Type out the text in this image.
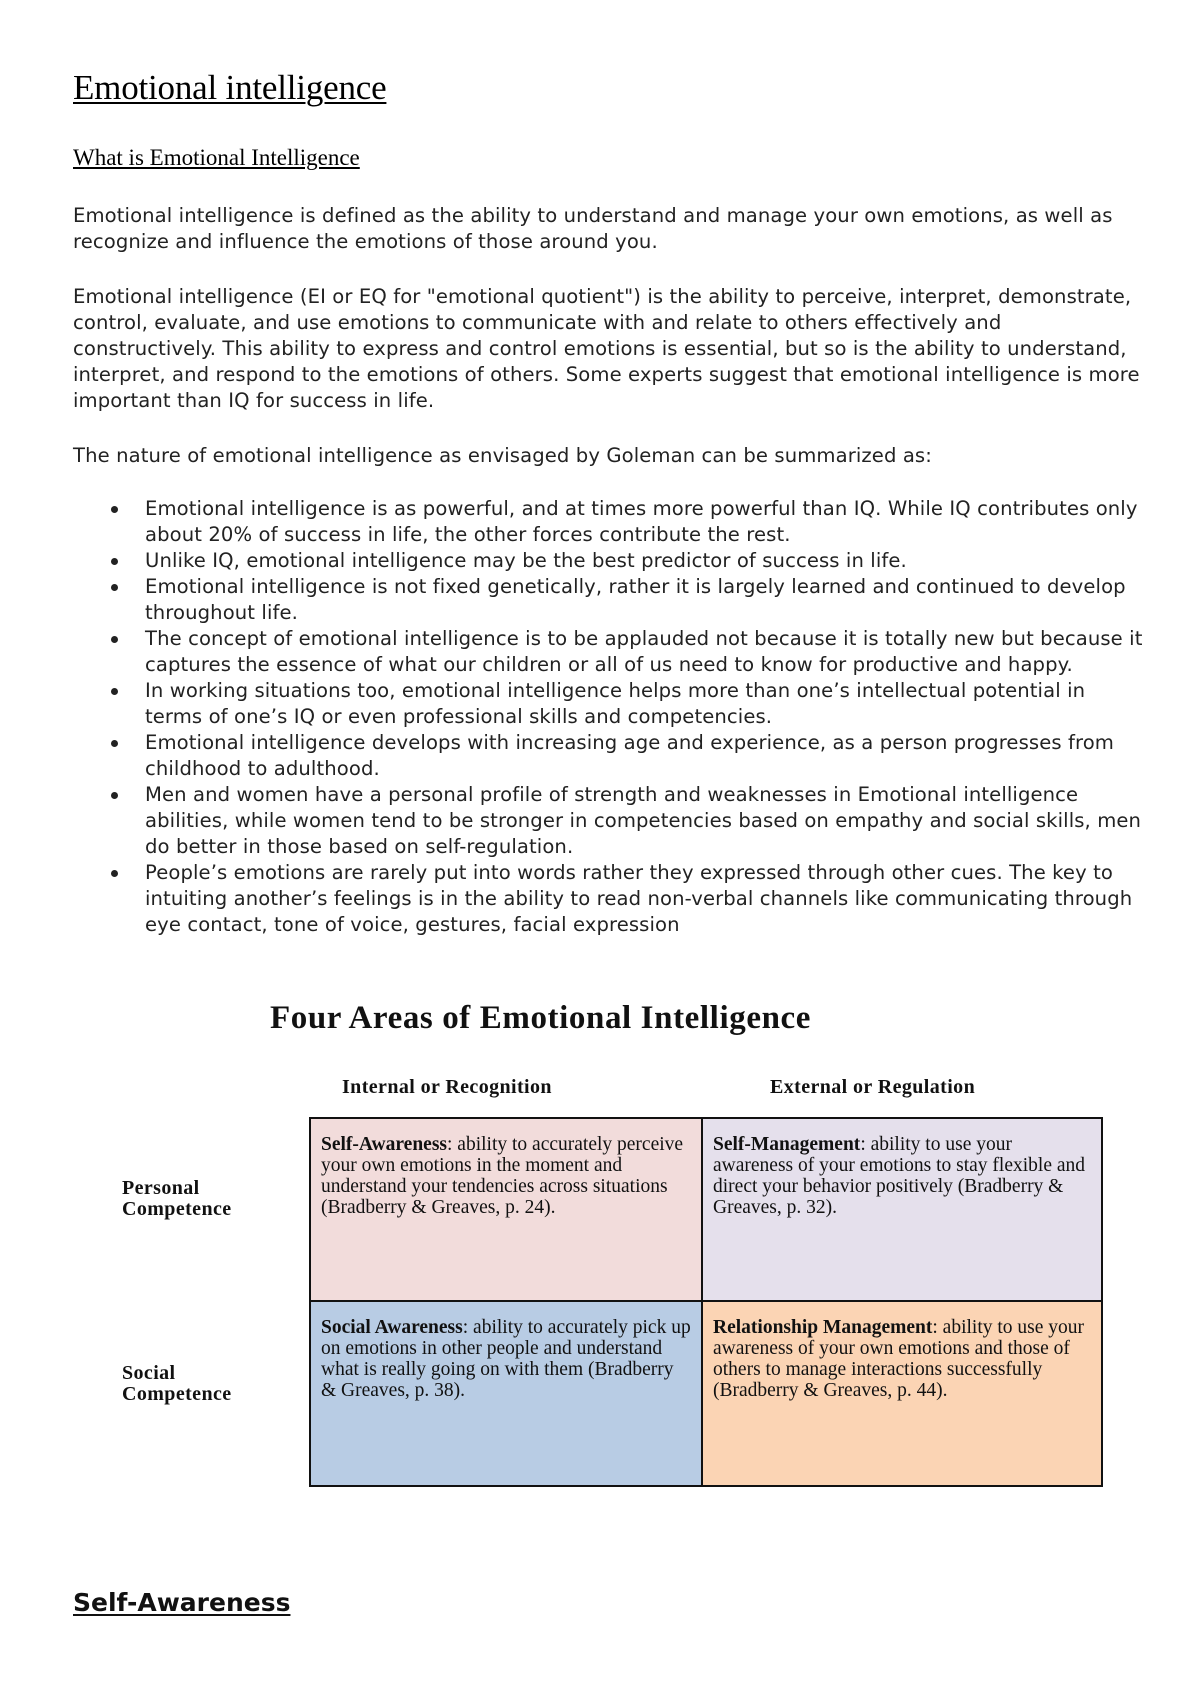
Emotional intelligence
What is Emotional Intelligence

Emotional intelligence is defined as the ability to understand and manage your own emotions, as well as recognize and influence the emotions of those around you.

Emotional intelligence (EI or EQ for "emotional quotient") is the ability to perceive, interpret, demonstrate, control, evaluate, and use emotions to communicate with and relate to others effectively and constructively. This ability to express and control emotions is essential, but so is the ability to understand, interpret, and respond to the emotions of others. Some experts suggest that emotional intelligence is more important than IQ for success in life.

The nature of emotional intelligence as envisaged by Goleman can be summarized as:

Emotional intelligence is as powerful, and at times more powerful than IQ. While IQ contributes only about 20% of success in life, the other forces contribute the rest.
Unlike IQ, emotional intelligence may be the best predictor of success in life.
Emotional intelligence is not fixed genetically, rather it is largely learned and continued to develop throughout life.
The concept of emotional intelligence is to be applauded not because it is totally new but because it captures the essence of what our children or all of us need to know for productive and happy.
In working situations too, emotional intelligence helps more than one’s intellectual potential in terms of one’s IQ or even professional skills and competencies.
Emotional intelligence develops with increasing age and experience, as a person progresses from childhood to adulthood.
Men and women have a personal profile of strength and weaknesses in Emotional intelligence abilities, while women tend to be stronger in competencies based on empathy and social skills, men do better in those based on self-regulation.
People’s emotions are rarely put into words rather they expressed through other cues. The key to intuiting another’s feelings is in the ability to read non-verbal channels like communicating through eye contact, tone of voice, gestures, facial expression
Four Areas of Emotional Intelligence
Internal or Recognition	External or Regulation
Personal
Competence
Social
Competence
Self-Awareness: ability to accurately perceive your own emotions in the moment and understand your tendencies across situations (Bradberry & Greaves, p. 24).
Self-Management: ability to use your awareness of your emotions to stay flexible and direct your behavior positively (Bradberry & Greaves, p. 32).
Social Awareness: ability to accurately pick up on emotions in other people and understand what is really going on with them (Bradberry & Greaves, p. 38).
Relationship Management: ability to use your awareness of your own emotions and those of others to manage interactions successfully (Bradberry & Greaves, p. 44).
Self-Awareness
